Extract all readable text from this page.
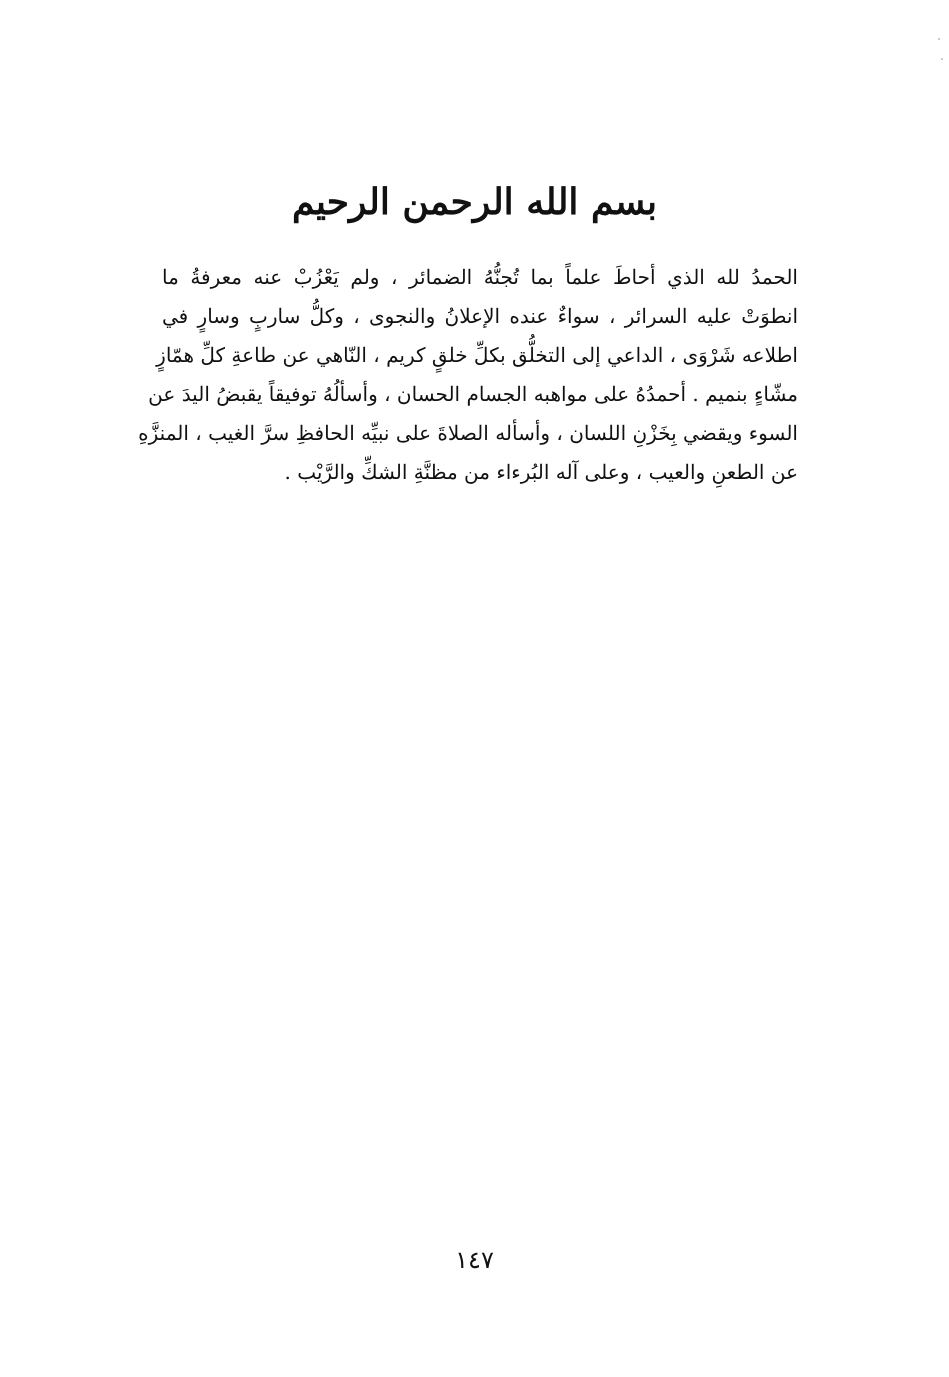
بسم الله الرحمن الرحيم
الحمدُ لله الذي أحاطَ علماً بما تُجنُّهُ الضمائر ، ولم يَعْزُبْ عنه معرفةُ ما
انطوَتْ عليه السرائر ، سواءٌ عنده الإعلانُ والنجوى ، وكلُّ ساربٍ وسارٍ في
اطلاعه شَرْوَى ، الداعي إلى التخلُّق بكلِّ خلقٍ كريم ، النّاهي عن طاعةِ كلِّ همّازٍ
مشّاءٍ بنميم . أحمدُهُ على مواهبه الجسام الحسان ، وأسألُهُ توفيقاً يقبضُ اليدَ عن
السوء ويقضي بِخَزْنِ اللسان ، وأسأله الصلاةَ على نبيِّه الحافظِ سرَّ الغيب ، المنزَّهِ
عن الطعنِ والعيب ، وعلى آله البُرءاء من مظنَّةِ الشكِّ والرَّيْب .
١٤٧
